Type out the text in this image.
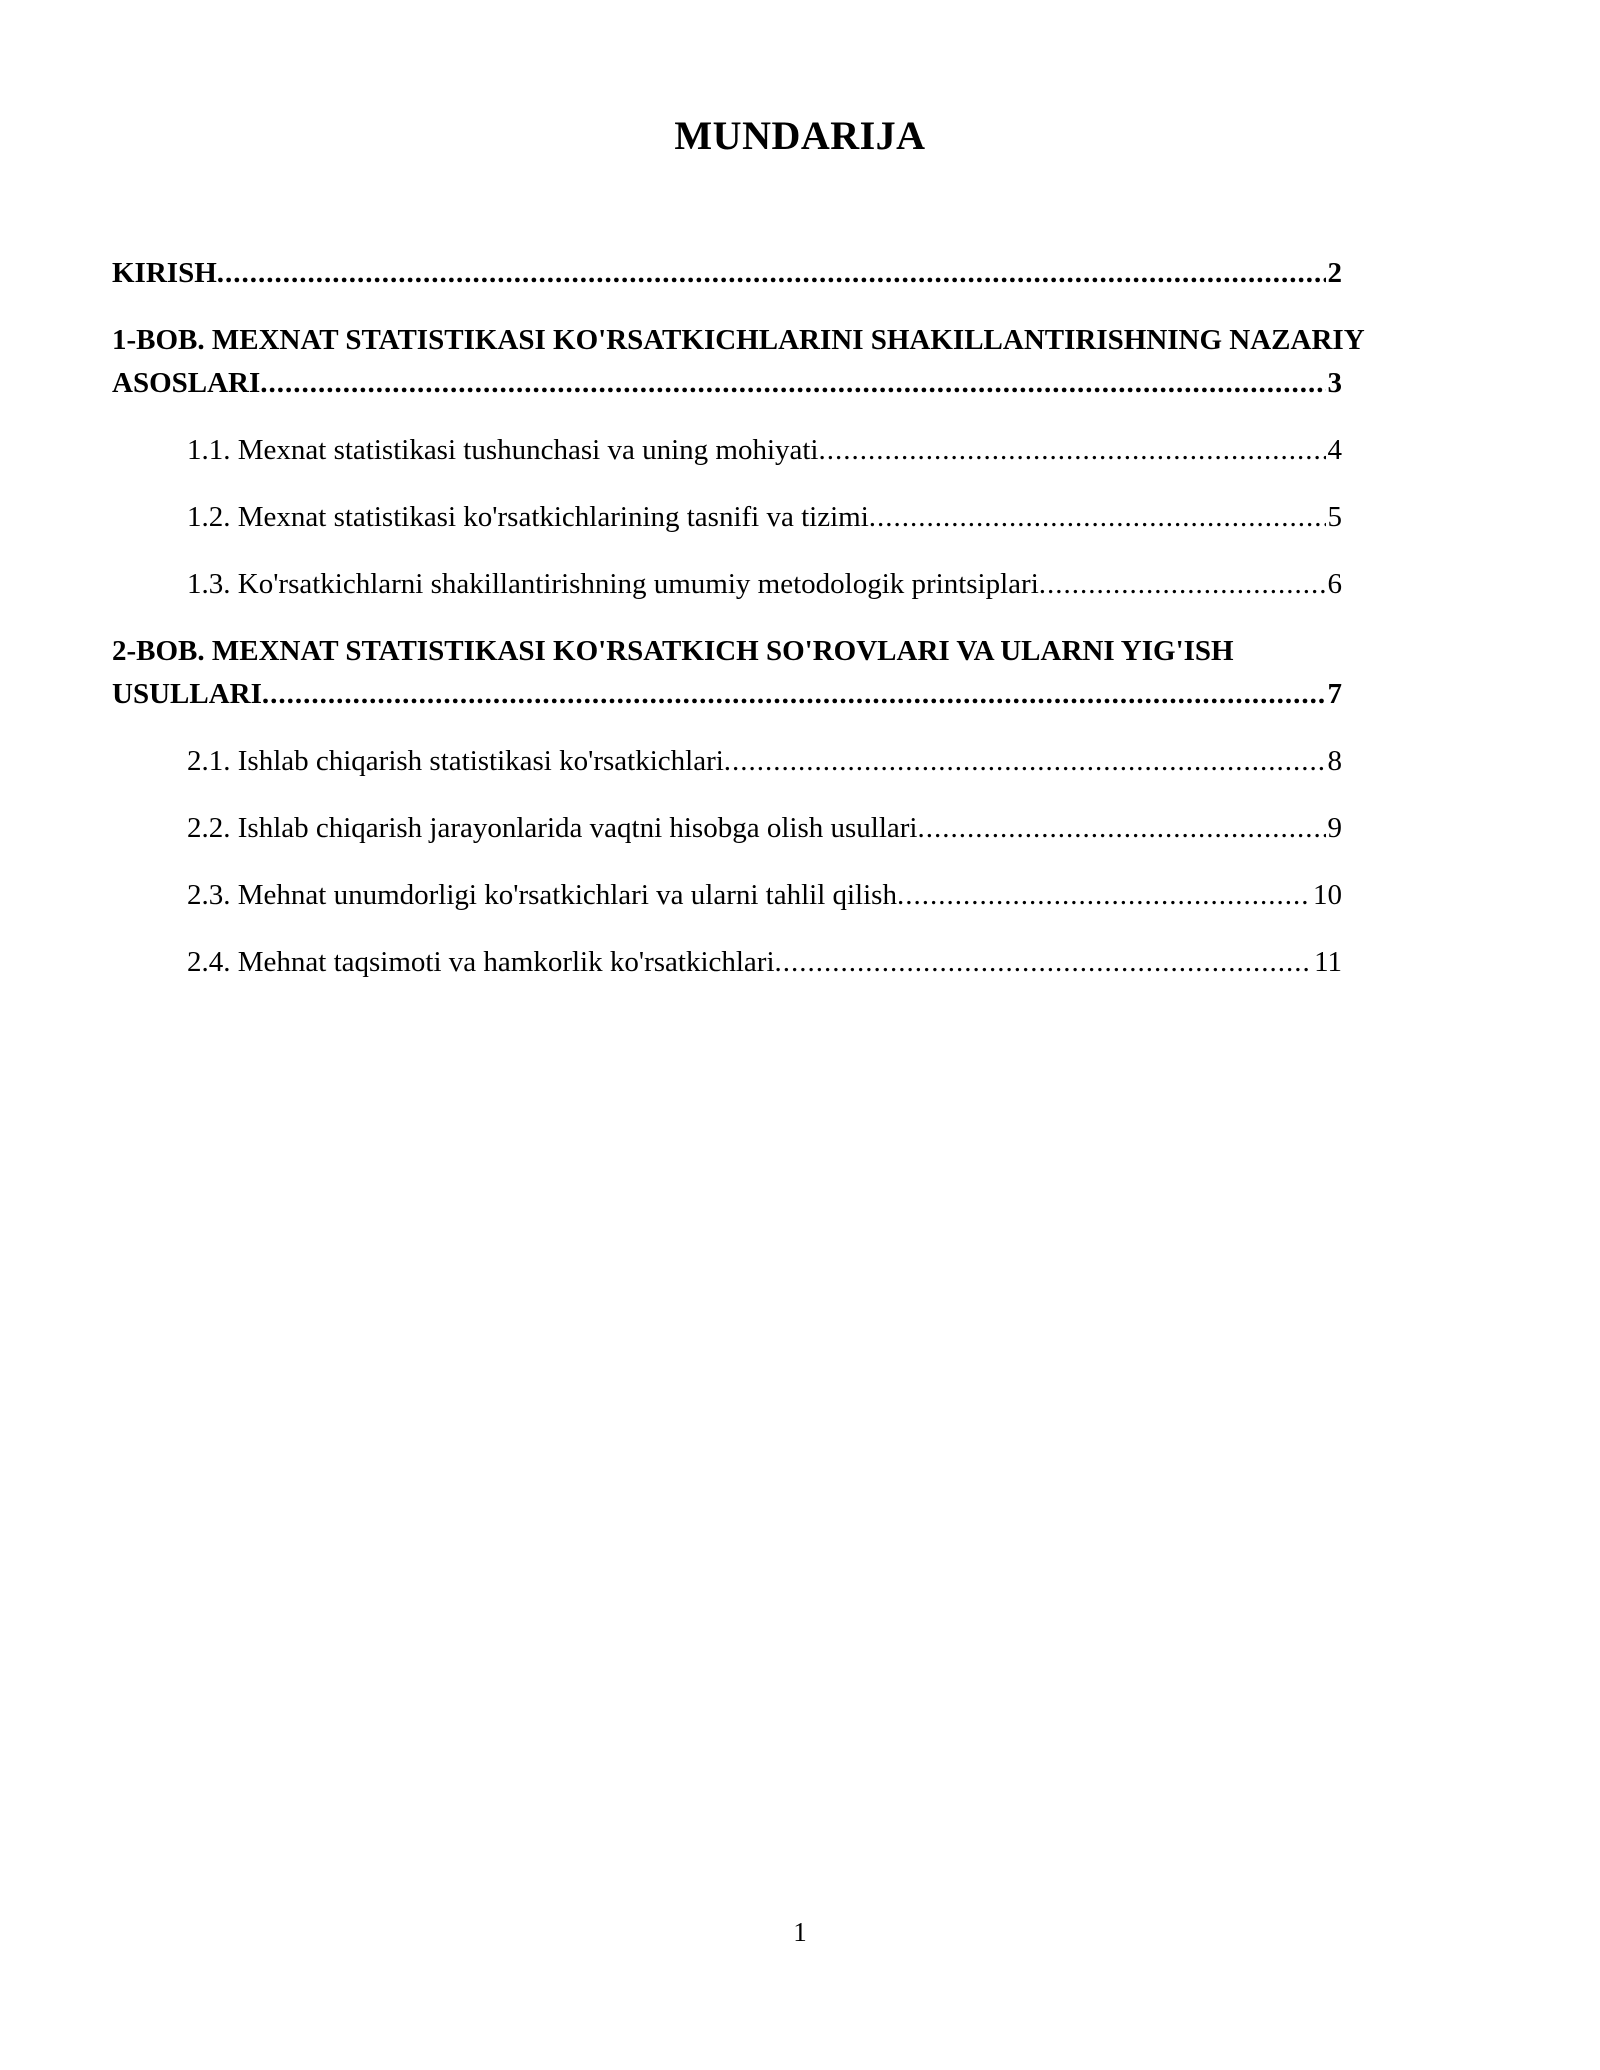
MUNDARIJA
KIRISH .....	2
1-BOB. MEXNAT STATISTIKASI KO'RSATKICHLARINI SHAKILLANTIRISHNING NAZARIY
ASOSLARI .....	3
1.1. Mexnat statistikasi tushunchasi va uning mohiyati .....	4
1.2. Mexnat statistikasi ko'rsatkichlarining tasnifi va tizimi .....	5
1.3. Ko'rsatkichlarni shakillantirishning umumiy metodologik printsiplari .....	6
2-BOB. MEXNAT STATISTIKASI KO'RSATKICH SO'ROVLARI VA ULARNI YIG'ISH
USULLARI .....	7
2.1. Ishlab chiqarish statistikasi ko'rsatkichlari .....	8
2.2. Ishlab chiqarish jarayonlarida vaqtni hisobga olish usullari .....	9
2.3. Mehnat unumdorligi ko'rsatkichlari va ularni tahlil qilish .....	10
2.4. Mehnat taqsimoti va hamkorlik ko'rsatkichlari .....	11
1
